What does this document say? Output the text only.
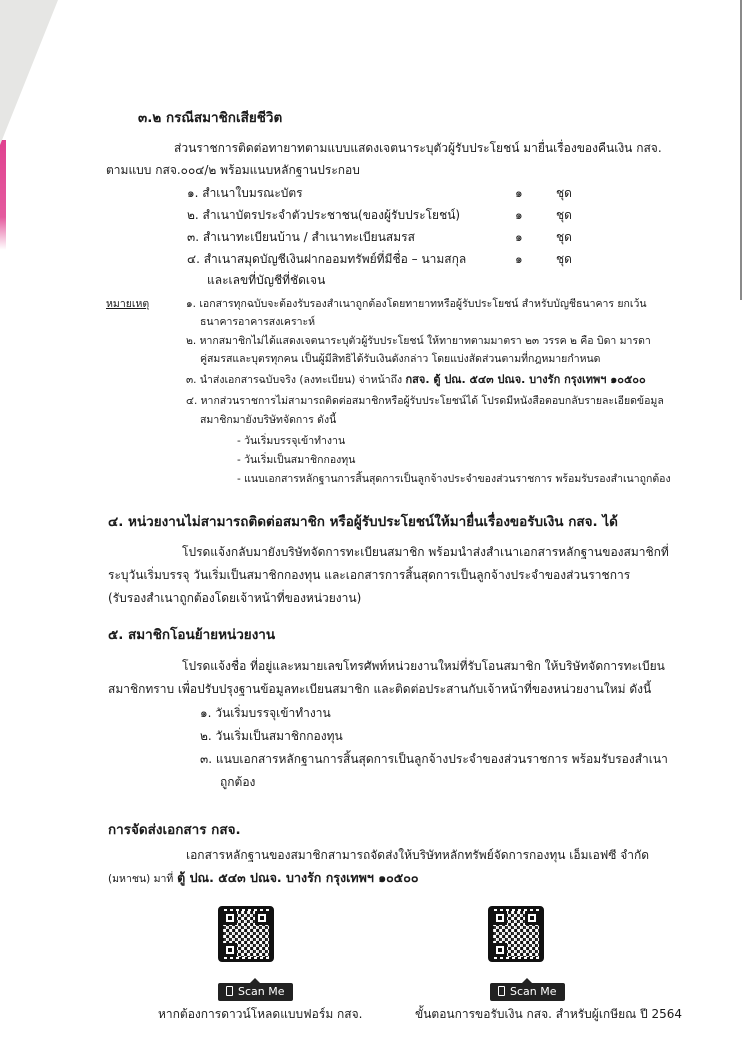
๓.๒ กรณีสมาชิกเสียชีวิต
ส่วนราชการติดต่อทายาทตามแบบแสดงเจตนาระบุตัวผู้รับประโยชน์ มายื่นเรื่องของคืนเงิน กสจ.
ตามแบบ กสจ.๐๐๔/๒ พร้อมแนบหลักฐานประกอบ
๑. สำเนาใบมรณะบัตร	๑	ชุด
๒. สำเนาบัตรประจำตัวประชาชน(ของผู้รับประโยชน์)	๑	ชุด
๓. สำเนาทะเบียนบ้าน / สำเนาทะเบียนสมรส	๑	ชุด
๔. สำเนาสมุดบัญชีเงินฝากออมทรัพย์ที่มีชื่อ – นามสกุล	๑	ชุด
และเลขที่บัญชีที่ชัดเจน
หมายเหตุ	๑. เอกสารทุกฉบับจะต้องรับรองสำเนาถูกต้องโดยทายาทหรือผู้รับประโยชน์ สำหรับบัญชีธนาคาร ยกเว้น
ธนาคารอาคารสงเคราะห์
๒. หากสมาชิกไม่ได้แสดงเจตนาระบุตัวผู้รับประโยชน์ ให้ทายาทตามมาตรา ๒๓ วรรค ๒ คือ บิดา มารดา
คู่สมรสและบุตรทุกคน เป็นผู้มีสิทธิได้รับเงินดังกล่าว โดยแบ่งสัดส่วนตามที่กฎหมายกำหนด
๓. นำส่งเอกสารฉบับจริง (ลงทะเบียน) จ่าหน้าถึง กสจ. ตู้ ปณ. ๕๔๓ ปณจ. บางรัก กรุงเทพฯ ๑๐๕๐๐
๔. หากส่วนราชการไม่สามารถติดต่อสมาชิกหรือผู้รับประโยชน์ได้ โปรดมีหนังสือตอบกลับรายละเอียดข้อมูล
สมาชิกมายังบริษัทจัดการ ดังนี้
- วันเริ่มบรรจุเข้าทำงาน
- วันเริ่มเป็นสมาชิกกองทุน
- แนบเอกสารหลักฐานการสิ้นสุดการเป็นลูกจ้างประจำของส่วนราชการ พร้อมรับรองสำเนาถูกต้อง
๔. หน่วยงานไม่สามารถติดต่อสมาชิก หรือผู้รับประโยชน์ให้มายื่นเรื่องขอรับเงิน กสจ. ได้
โปรดแจ้งกลับมายังบริษัทจัดการทะเบียนสมาชิก พร้อมนำส่งสำเนาเอกสารหลักฐานของสมาชิกที่
ระบุวันเริ่มบรรจุ วันเริ่มเป็นสมาชิกกองทุน และเอกสารการสิ้นสุดการเป็นลูกจ้างประจำของส่วนราชการ
(รับรองสำเนาถูกต้องโดยเจ้าหน้าที่ของหน่วยงาน)
๕. สมาชิกโอนย้ายหน่วยงาน
โปรดแจ้งชื่อ ที่อยู่และหมายเลขโทรศัพท์หน่วยงานใหม่ที่รับโอนสมาชิก ให้บริษัทจัดการทะเบียน
สมาชิกทราบ เพื่อปรับปรุงฐานข้อมูลทะเบียนสมาชิก และติดต่อประสานกับเจ้าหน้าที่ของหน่วยงานใหม่ ดังนี้
๑. วันเริ่มบรรจุเข้าทำงาน
๒. วันเริ่มเป็นสมาชิกกองทุน
๓. แนบเอกสารหลักฐานการสิ้นสุดการเป็นลูกจ้างประจำของส่วนราชการ พร้อมรับรองสำเนา
ถูกต้อง
การจัดส่งเอกสาร กสจ.
เอกสารหลักฐานของสมาชิกสามารถจัดส่งให้บริษัทหลักทรัพย์จัดการกองทุน เอ็มเอฟซี จำกัด
(มหาชน) มาที่ ตู้ ปณ. ๕๔๓ ปณจ. บางรัก กรุงเทพฯ ๑๐๕๐๐
Scan Me
หากต้องการดาวน์โหลดแบบฟอร์ม กสจ.
Scan Me
ขั้นตอนการขอรับเงิน กสจ. สำหรับผู้เกษียณ ปี 2564
